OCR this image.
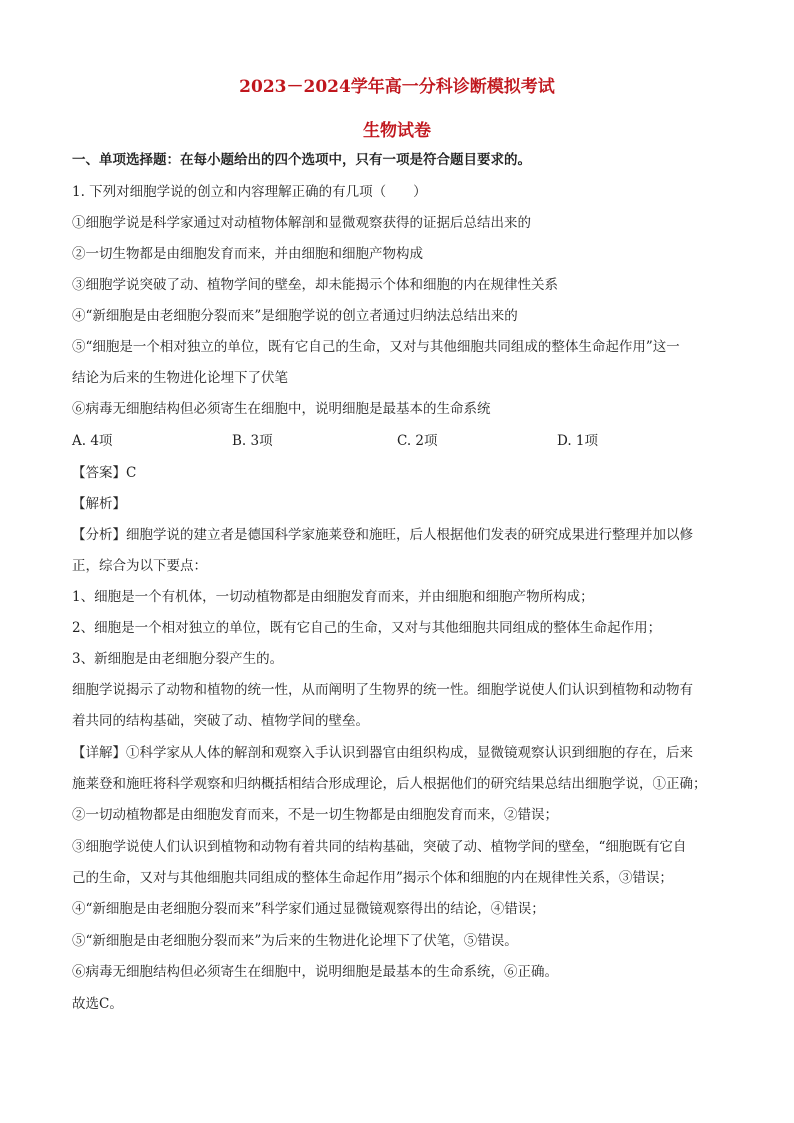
2023－2024学年高一分科诊断模拟考试
生物试卷
一、单项选择题：在每小题给出的四个选项中，只有一项是符合题目要求的。
1. 下列对细胞学说的创立和内容理解正确的有几项（　　）
①细胞学说是科学家通过对动植物体解剖和显微观察获得的证据后总结出来的
②一切生物都是由细胞发育而来，并由细胞和细胞产物构成
③细胞学说突破了动、植物学间的壁垒，却未能揭示个体和细胞的内在规律性关系
④“新细胞是由老细胞分裂而来”是细胞学说的创立者通过归纳法总结出来的
⑤“细胞是一个相对独立的单位，既有它自己的生命，又对与其他细胞共同组成的整体生命起作用”这一
结论为后来的生物进化论埋下了伏笔
⑥病毒无细胞结构但必须寄生在细胞中，说明细胞是最基本的生命系统
A. 4项	B. 3项	C. 2项	D. 1项
【答案】C
【解析】
【分析】细胞学说的建立者是德国科学家施莱登和施旺，后人根据他们发表的研究成果进行整理并加以修
正，综合为以下要点：
1、细胞是一个有机体，一切动植物都是由细胞发育而来，并由细胞和细胞产物所构成；
2、细胞是一个相对独立的单位，既有它自己的生命，又对与其他细胞共同组成的整体生命起作用；
3、新细胞是由老细胞分裂产生的。
细胞学说揭示了动物和植物的统一性，从而阐明了生物界的统一性。细胞学说使人们认识到植物和动物有
着共同的结构基础，突破了动、植物学间的壁垒。
【详解】①科学家从人体的解剖和观察入手认识到器官由组织构成，显微镜观察认识到细胞的存在，后来
施莱登和施旺将科学观察和归纳概括相结合形成理论，后人根据他们的研究结果总结出细胞学说，①正确；
②一切动植物都是由细胞发育而来，不是一切生物都是由细胞发育而来，②错误；
③细胞学说使人们认识到植物和动物有着共同的结构基础，突破了动、植物学间的壁垒，“细胞既有它自
己的生命，又对与其他细胞共同组成的整体生命起作用”揭示个体和细胞的内在规律性关系，③错误；
④“新细胞是由老细胞分裂而来”科学家们通过显微镜观察得出的结论，④错误；
⑤“新细胞是由老细胞分裂而来”为后来的生物进化论埋下了伏笔，⑤错误。
⑥病毒无细胞结构但必须寄生在细胞中，说明细胞是最基本的生命系统，⑥正确。
故选C。
